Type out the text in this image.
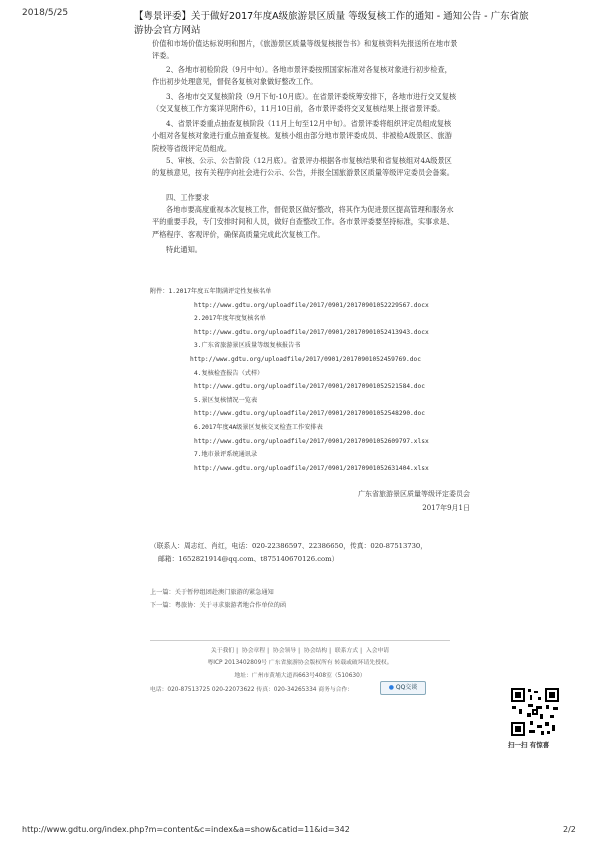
2018/5/25	【粤景评委】关于做好2017年度A级旅游景区质量 等级复核工作的通知 - 通知公告 - 广东省旅游协会官方网站
价值和市场价值达标说明和图片，《旅游景区质量等级复核报告书》和复核资料先报送所在地市景评委。
2、各地市初检阶段（9月中旬）。各地市景评委按照国家标准对各复核对象进行初步检查，作出初步处理意见，督促各复核对象做好整改工作。
3、各地市交叉复核阶段（9月下旬-10月底）。在省景评委统筹安排下，各地市进行交叉复核（交叉复核工作方案详见附件6），11月10日前，各市景评委将交叉复核结果上报省景评委。
4、省景评委重点抽查复核阶段（11月上旬至12月中旬）。省景评委将组织评定员组成复核小组对各复核对象进行重点抽查复核。复核小组由部分地市景评委成员、非被检A级景区、旅游院校等省级评定员组成。
5、审核、公示、公告阶段（12月底）。省景评办根据各市复核结果和省复核组对4A级景区的复核意见，按有关程序向社会进行公示、公告，并报全国旅游景区质量等级评定委员会备案。
四、工作要求
各地市要高度重视本次复核工作，督促景区做好整改，将其作为促进景区提高管理和服务水平的重要手段，专门安排时间和人员，做好自查整改工作。各市景评委要坚持标准，实事求是、严格程序、客观评价，确保高质量完成此次复核工作。
特此通知。
附件：1.2017年度五年期满评定性复核名单
http://www.gdtu.org/uploadfile/2017/0901/20170901052229567.docx
2.2017年度年度复核名单
http://www.gdtu.org/uploadfile/2017/0901/20170901052413943.docx
3.广东省旅游景区质量等级复核报告书
http://www.gdtu.org/uploadfile/2017/0901/20170901052459769.doc
4.复核检查报告（式样）
http://www.gdtu.org/uploadfile/2017/0901/20170901052521584.doc
5.景区复核情况一览表
http://www.gdtu.org/uploadfile/2017/0901/20170901052548290.doc
6.2017年度4A级景区复核交叉检查工作安排表
http://www.gdtu.org/uploadfile/2017/0901/20170901052609797.xlsx
7.地市景评系统通讯录
http://www.gdtu.org/uploadfile/2017/0901/20170901052631404.xlsx
广东省旅游景区质量等级评定委员会
2017年9月1日
（联系人：周志红、肖红，电话：020-22386597、22386650，传真：020-87513730，
邮箱：1652821914@qq.com、t875140670126.com）
上一篇：关于暂停组团赴澳门旅游的紧急通知
下一篇：粤旅协：关于寻求旅游者地合作单位的函
关于我们 | 协会章程 | 协会领导 | 协会结构 | 联系方式 | 入会申请
粤ICP 2013402809号 广东省旅游协会版权所有 转载或破坏请先授权。
地址：广州市黄埔大道西663号408室（510630）
电话：020-87513725 020-22073622 传真：020-34265334 商务与合作：	● QQ交谈
扫一扫 有惊喜
http://www.gdtu.org/index.php?m=content&c=index&a=show&catid=11&id=342	2/2
